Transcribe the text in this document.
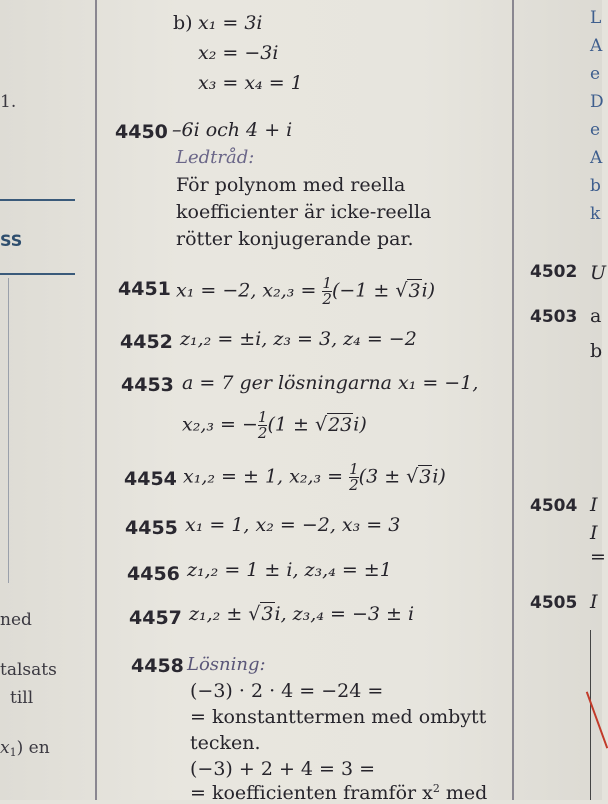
1.
SS
ned
talsats
till
$x_1$) en
b) x₁ = 3i
x₂ = −3i
x₃ = x₄ = 1
4450 –6i och 4 + i
Ledtråd:
För polynom med reella
koefficienter är icke-reella
rötter konjugerande par.
4451 x₁ = −2, $x_2,_3 = \frac{1}{2} (-1 \pm √3i)$
4452 z₁,₂ = ±i, z₃ = 3, z₄ = −2
4453 a = 7 ger lösningarna x₁ = −1,
x₂,₃ = − $\frac{1}{2} (1 \pm √23i)$
4454 x₁,₂ = ± 1, $x_2,_3 = \frac{1}{2} (3 \pm √3i)$
4455 x₁ = 1, x₂ = −2, x₃ = 3
4456 z₁,₂ = 1 ± i, z₃,₄ = ±1
4457 z₁,₂ ± √3i, z₃,₄ = −3 ± i
4458 Lösning:
(−3) · 2 · 4 = −24 =
= konstanttermen med ombytt
tecken.
(−3) + 2 + 4 = 3 =
= koefficienten framför $x^2$ med
L
A
e
D
e
A
b
k
4502 U
4503 a
b
4504 I
I
=
4505 I
